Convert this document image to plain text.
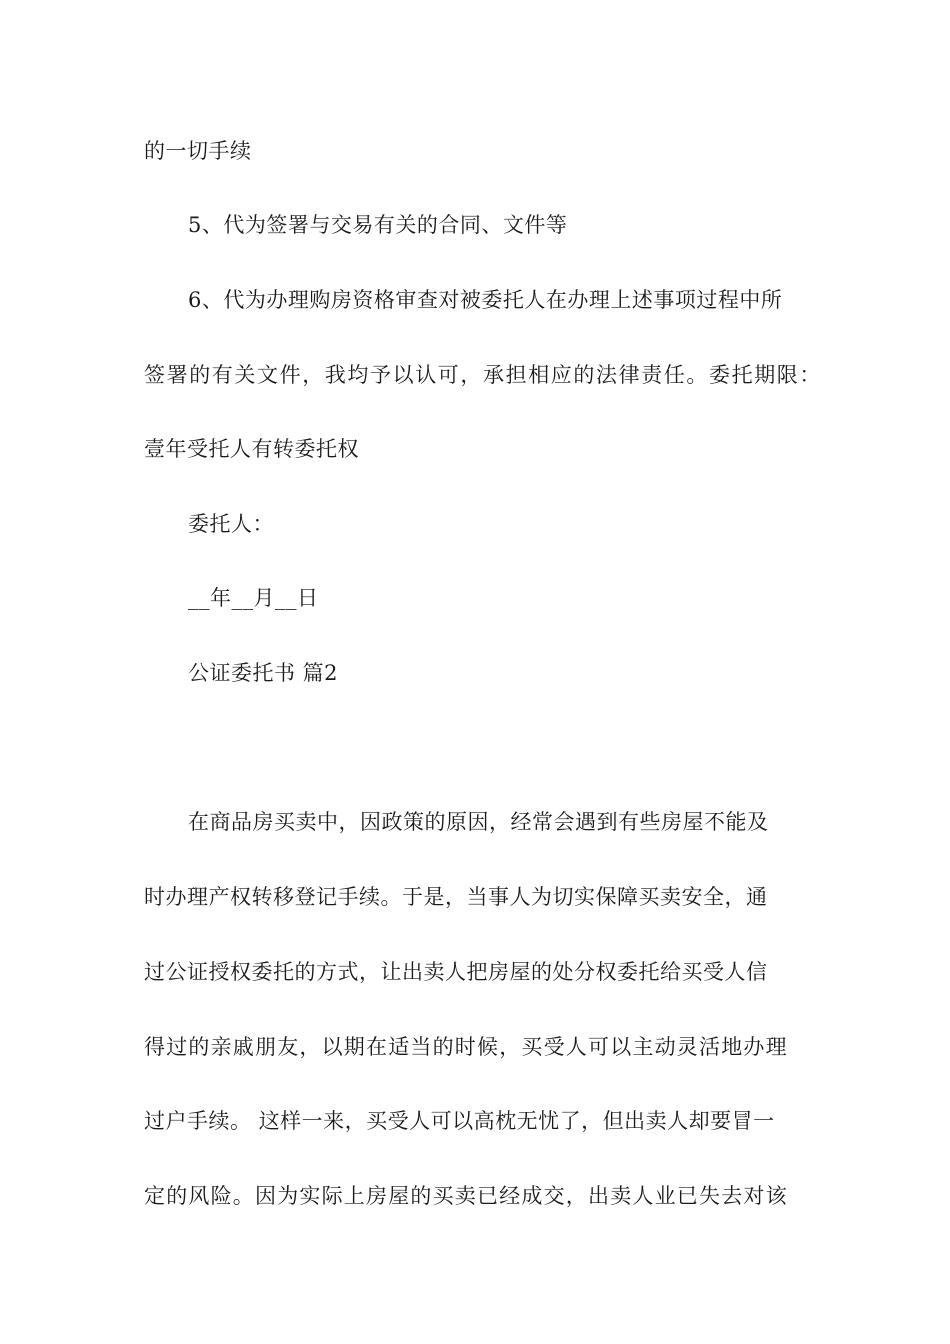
的一切手续
5、代为签署与交易有关的合同、文件等
6、代为办理购房资格审查对被委托人在办理上述事项过程中所
签署的有关文件，我均予以认可，承担相应的法律责任。委托期限：
壹年受托人有转委托权
委托人：
__年__月__日
公证委托书 篇2
在商品房买卖中，因政策的原因，经常会遇到有些房屋不能及
时办理产权转移登记手续。于是，当事人为切实保障买卖安全，通
过公证授权委托的方式，让出卖人把房屋的处分权委托给买受人信
得过的亲戚朋友，以期在适当的时候，买受人可以主动灵活地办理
过户手续。 这样一来，买受人可以高枕无忧了，但出卖人却要冒一
定的风险。因为实际上房屋的买卖已经成交，出卖人业已失去对该
